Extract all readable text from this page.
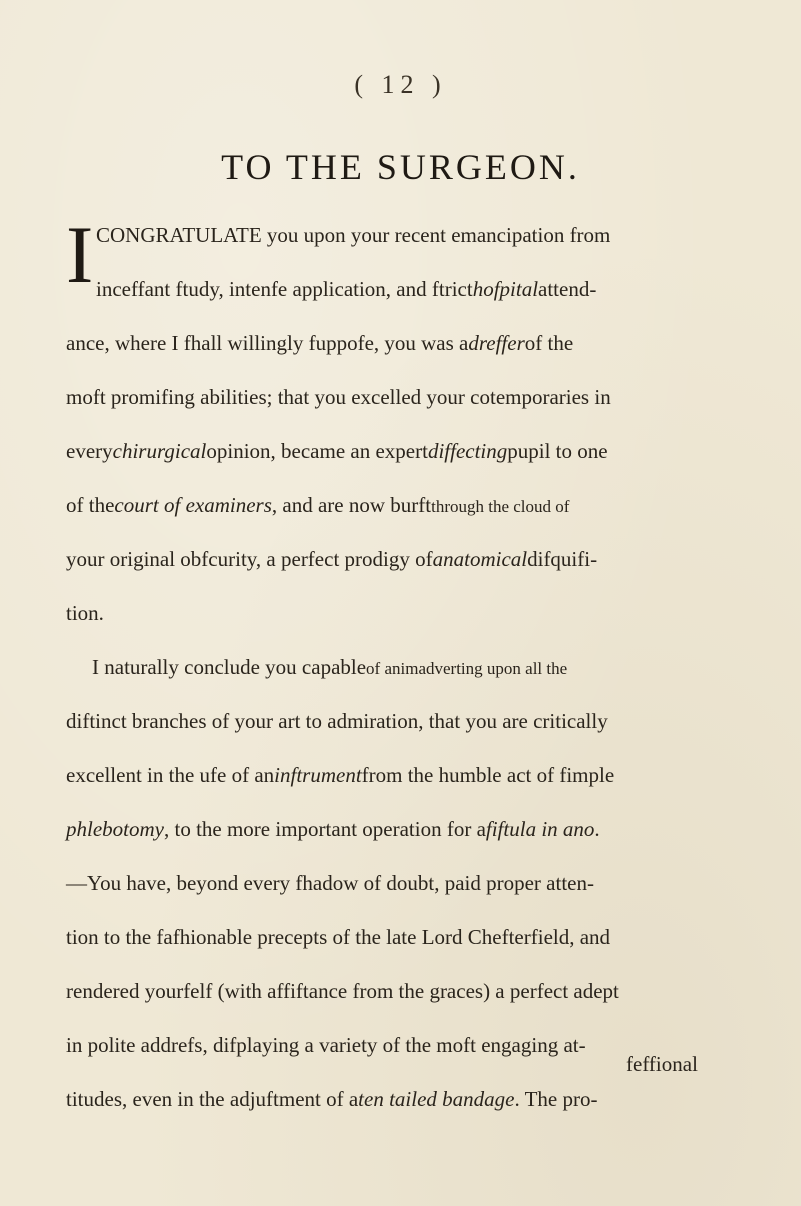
( 12 )
TO THE SURGEON.
I CONGRATULATE you upon your recent emancipation from
inceffant ftudy, intenfe application, and ftricthofpitalattend-
ance, where I fhall willingly fuppofe, you was adrefferof the
moft promifing abilities; that you excelled your cotemporaries in
everychirurgicalopinion, became an expertdiffectingpupil to one
of thecourt of examiners, and are now burftthrough the cloud of
your original obfcurity, a perfect prodigy ofanatomicaldifquifi-
tion.
I naturally conclude you capableof animadverting upon all the
diftinct branches of your art to admiration, that you are critically
excellent in the ufe of aninftrumentfrom the humble act of fimple
phlebotomy, to the more important operation for afiftula in ano.
—You have, beyond every fhadow of doubt, paid proper atten-
tion to the fafhionable precepts of the late Lord Chefterfield, and
rendered yourfelf (with affiftance from the graces) a perfect adept
in polite addrefs, difplaying a variety of the moft engaging at-
titudes, even in the adjuftment of aten tailed bandage. The pro-
feffional
